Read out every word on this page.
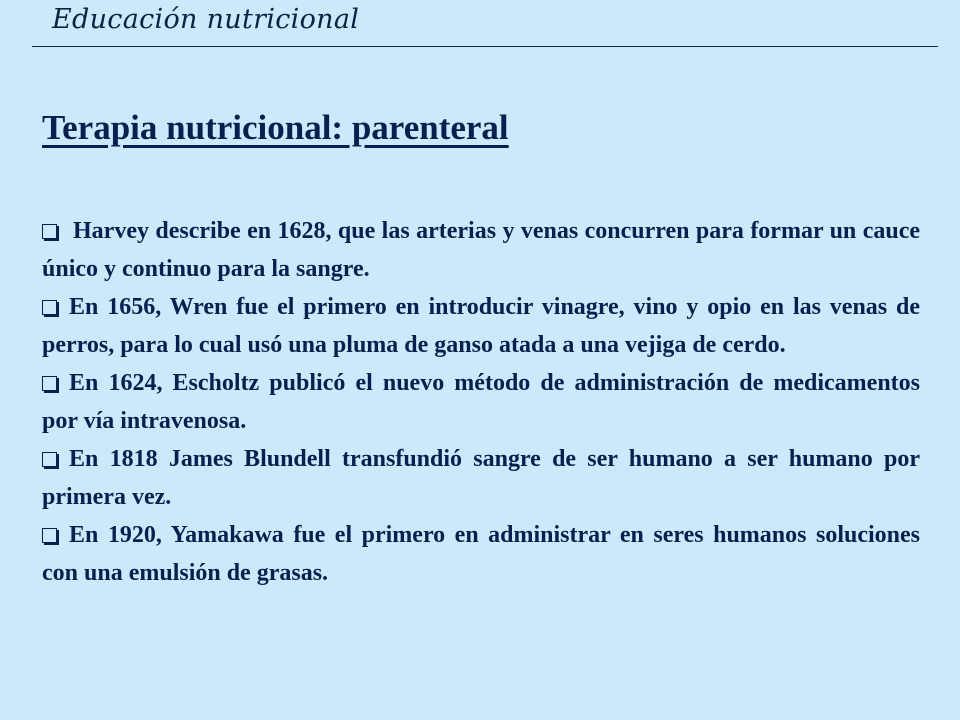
Educación nutricional
Terapia nutricional: parenteral

Harvey describe en 1628, que las arterias y venas concurren para formar un cauce único y continuo para la sangre.

En 1656, Wren fue el primero en introducir vinagre, vino y opio en las venas de perros, para lo cual usó una pluma de ganso atada a una vejiga de cerdo.

En 1624, Escholtz publicó el nuevo método de administración de medicamentos por vía intravenosa.

En 1818 James Blundell transfundió sangre de ser humano a ser humano por primera vez.

En 1920, Yamakawa fue el primero en administrar en seres humanos soluciones con una emulsión de grasas.
